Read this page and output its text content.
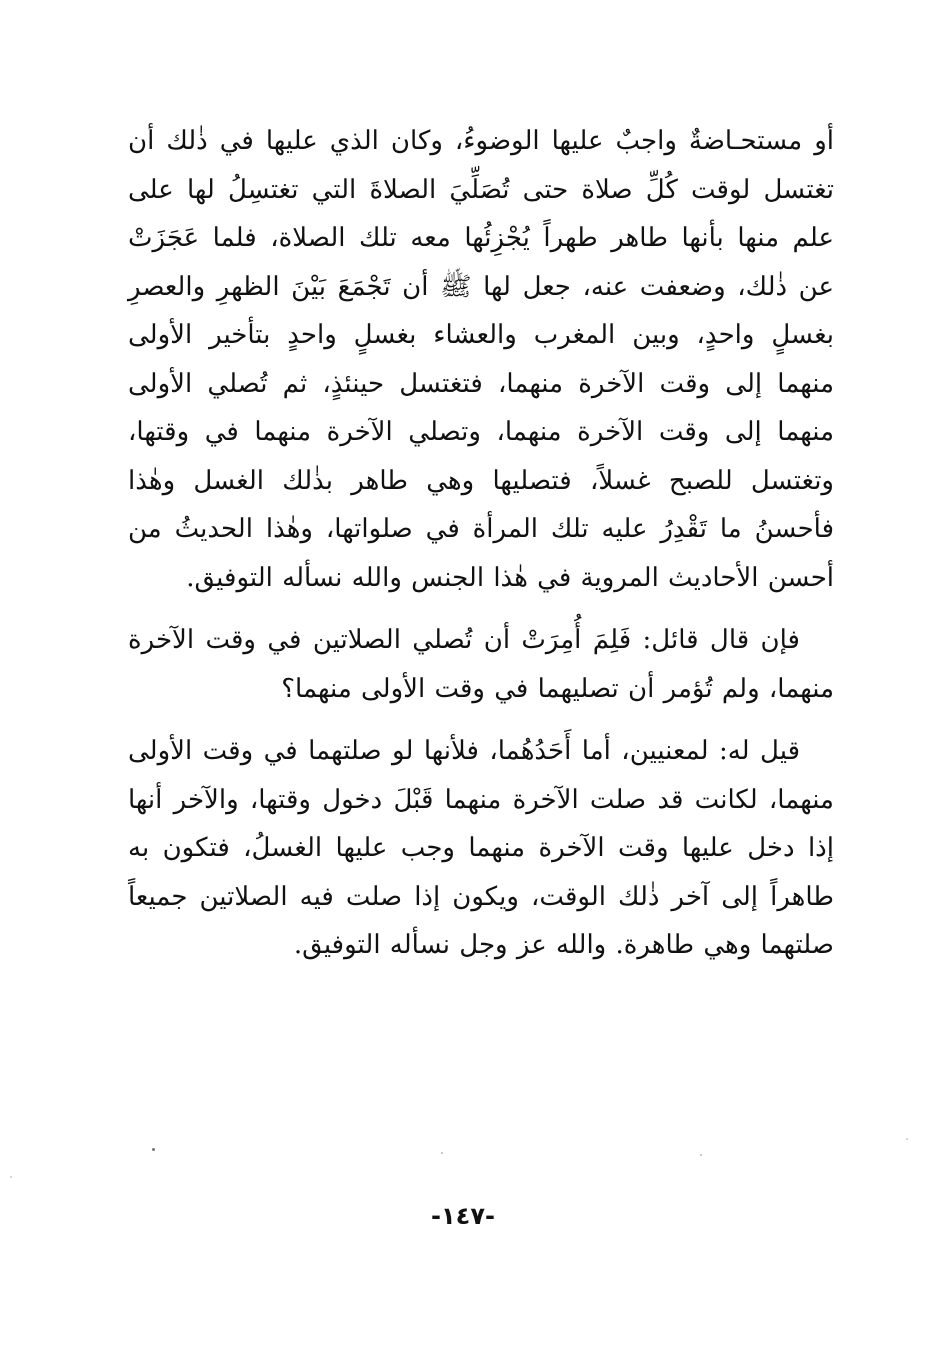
أو مستحـاضةٌ واجبٌ عليها الوضوءُ، وكان الذي عليها في ذٰلك أن تغتسل لوقت كُلِّ صلاة حتى تُصَلِّيَ الصلاةَ التي تغتسِلُ لها على علم منها بأنها طاهر طهراً يُجْزِئُها معه تلك الصلاة، فلما عَجَزَتْ عن ذٰلك، وضعفت عنه، جعل لها ﷺ أن تَجْمَعَ بَيْنَ الظهرِ والعصرِ بغسلٍ واحدٍ، وبين المغرب والعشاء بغسلٍ واحدٍ بتأخير الأولى منهما إلى وقت الآخرة منهما، فتغتسل حينئذٍ، ثم تُصلي الأولى منهما إلى وقت الآخرة منهما، وتصلي الآخرة منهما في وقتها، وتغتسل للصبح غسلاً، فتصليها وهي طاهر بذٰلك الغسل وهٰذا فأحسنُ ما تَقْدِرُ عليه تلك المرأة في صلواتها، وهٰذا الحديثُ من أحسن الأحاديث المروية في هٰذا الجنس والله نسأله التوفيق.

فإن قال قائل: فَلِمَ أُمِرَتْ أن تُصلي الصلاتين في وقت الآخرة منهما، ولم تُؤمر أن تصليهما في وقت الأولى منهما؟

قيل له: لمعنيين، أما أَحَدُهُما، فلأنها لو صلتهما في وقت الأولى منهما، لكانت قد صلت الآخرة منهما قَبْلَ دخول وقتها، والآخر أنها إذا دخل عليها وقت الآخرة منهما وجب عليها الغسلُ، فتكون به طاهراً إلى آخر ذٰلك الوقت، ويكون إذا صلت فيه الصلاتين جميعاً صلتهما وهي طاهرة. والله عز وجل نسأله التوفيق.

-١٤٧-
